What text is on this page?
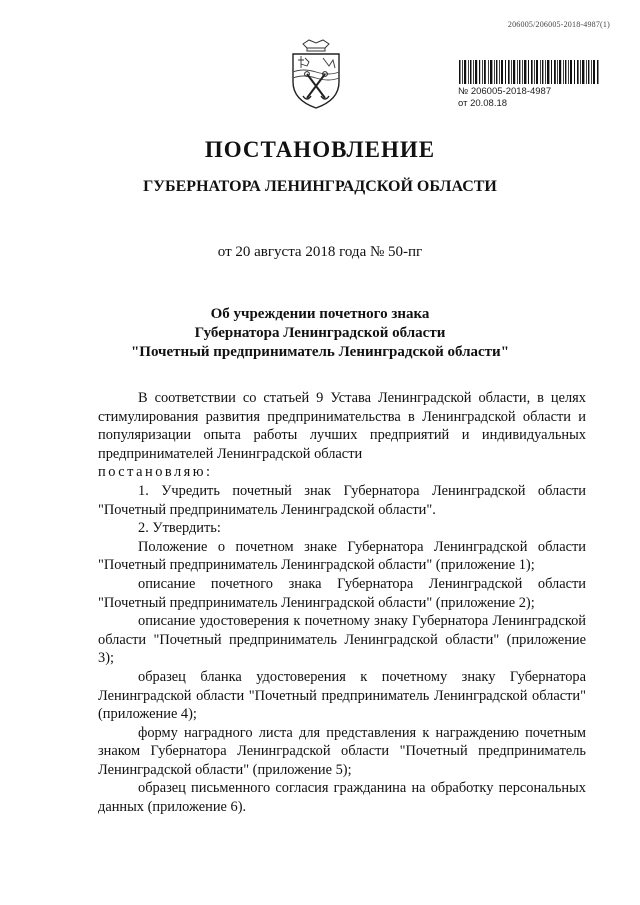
206005/206005-2018-4987(1)
№ 206005-2018-4987
от 20.08.18
ПОСТАНОВЛЕНИЕ
ГУБЕРНАТОРА ЛЕНИНГРАДСКОЙ ОБЛАСТИ
от 20 августа 2018 года № 50-пг
Об учреждении почетного знака
Губернатора Ленинградской области
"Почетный предприниматель Ленинградской области"

В соответствии со статьей 9 Устава Ленинградской области, в целях стимулирования развития предпринимательства в Ленинградской области и популяризации опыта работы лучших предприятий и индивидуальных предпринимателей Ленинградской области

постановляю:

1. Учредить почетный знак Губернатора Ленинградской области "Почетный предприниматель Ленинградской области".

2. Утвердить:

Положение о почетном знаке Губернатора Ленинградской области "Почетный предприниматель Ленинградской области" (приложение 1);

описание почетного знака Губернатора Ленинградской области "Почетный предприниматель Ленинградской области" (приложение 2);

описание удостоверения к почетному знаку Губернатора Ленинградской области "Почетный предприниматель Ленинградской области" (приложение 3);

образец бланка удостоверения к почетному знаку Губернатора Ленинградской области "Почетный предприниматель Ленинградской области" (приложение 4);

форму наградного листа для представления к награждению почетным знаком Губернатора Ленинградской области "Почетный предприниматель Ленинградской области" (приложение 5);

образец письменного согласия гражданина на обработку персональных данных (приложение 6).
